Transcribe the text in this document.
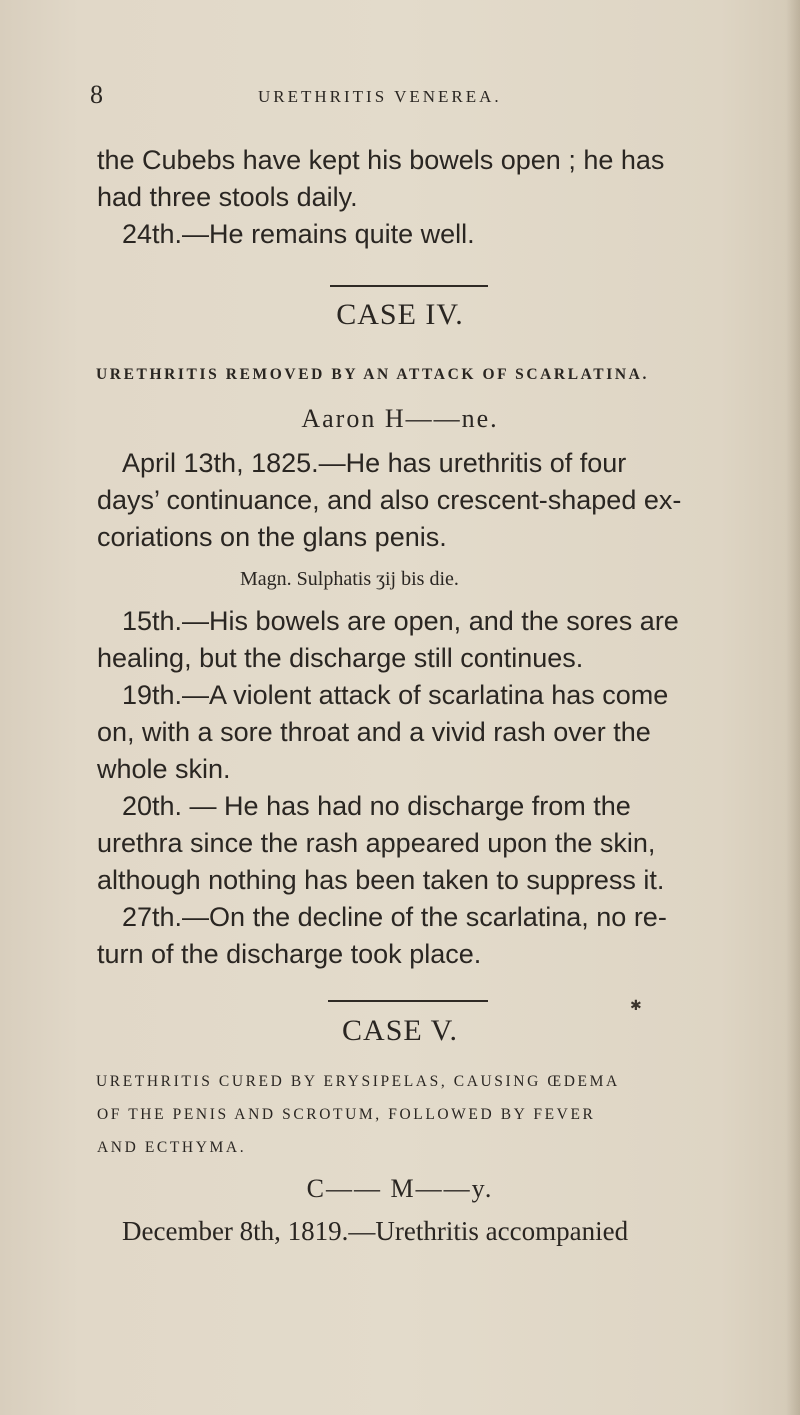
8	URETHRITIS VENEREA.
the Cubebs have kept his bowels open ; he has
had three stools daily.
24th.—He remains quite well.
CASE IV.
URETHRITIS REMOVED BY AN ATTACK OF SCARLATINA.
Aaron H——ne.
April 13th, 1825.—He has urethritis of four
days’ continuance, and also crescent-shaped ex-
coriations on the glans penis.
Magn. Sulphatis ʒij bis die.
15th.—His bowels are open, and the sores are
healing, but the discharge still continues.
19th.—A violent attack of scarlatina has come
on, with a sore throat and a vivid rash over the
whole skin.
20th. — He has had no discharge from the
urethra since the rash appeared upon the skin,
although nothing has been taken to suppress it.
27th.—On the decline of the scarlatina, no re-
turn of the discharge took place.
✱
CASE V.
URETHRITIS CURED BY ERYSIPELAS, CAUSING ŒDEMA
OF THE PENIS AND SCROTUM, FOLLOWED BY FEVER
AND ECTHYMA.
C—— M——y.
December 8th, 1819.—Urethritis accompanied
